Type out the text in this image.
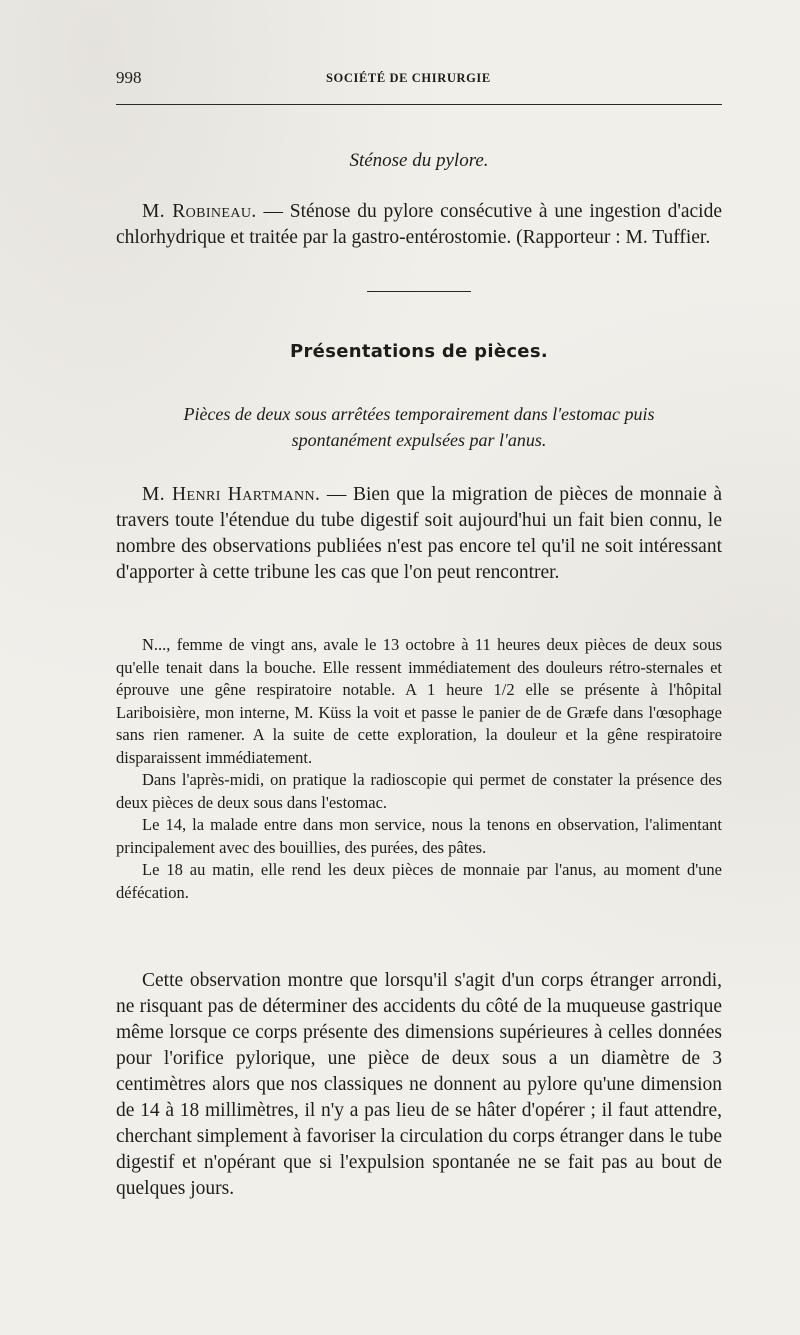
998	SOCIÉTÉ DE CHIRURGIE
Sténose du pylore.

M. Robineau. — Sténose du pylore consécutive à une ingestion d'acide chlorhydrique et traitée par la gastro-entérostomie. (Rapporteur : M. Tuffier.

Présentations de pièces.
Pièces de deux sous arrêtées temporairement dans l'estomac puis
spontanément expulsées par l'anus.

M. Henri Hartmann. — Bien que la migration de pièces de monnaie à travers toute l'étendue du tube digestif soit aujourd'hui un fait bien connu, le nombre des observations publiées n'est pas encore tel qu'il ne soit intéressant d'apporter à cette tribune les cas que l'on peut rencontrer.

N..., femme de vingt ans, avale le 13 octobre à 11 heures deux pièces de deux sous qu'elle tenait dans la bouche. Elle ressent immédiatement des douleurs rétro-sternales et éprouve une gêne respiratoire notable. A 1 heure 1/2 elle se présente à l'hôpital Lariboisière, mon interne, M. Küss la voit et passe le panier de de Græfe dans l'œsophage sans rien ramener. A la suite de cette exploration, la douleur et la gêne respiratoire disparaissent immédiatement.

Dans l'après-midi, on pratique la radioscopie qui permet de constater la présence des deux pièces de deux sous dans l'estomac.

Le 14, la malade entre dans mon service, nous la tenons en observation, l'alimentant principalement avec des bouillies, des purées, des pâtes.

Le 18 au matin, elle rend les deux pièces de monnaie par l'anus, au moment d'une défécation.

Cette observation montre que lorsqu'il s'agit d'un corps étranger arrondi, ne risquant pas de déterminer des accidents du côté de la muqueuse gastrique même lorsque ce corps présente des dimensions supérieures à celles données pour l'orifice pylorique, une pièce de deux sous a un diamètre de 3 centimètres alors que nos classiques ne donnent au pylore qu'une dimension de 14 à 18 millimètres, il n'y a pas lieu de se hâter d'opérer ; il faut attendre, cherchant simplement à favoriser la circulation du corps étranger dans le tube digestif et n'opérant que si l'expulsion spontanée ne se fait pas au bout de quelques jours.
